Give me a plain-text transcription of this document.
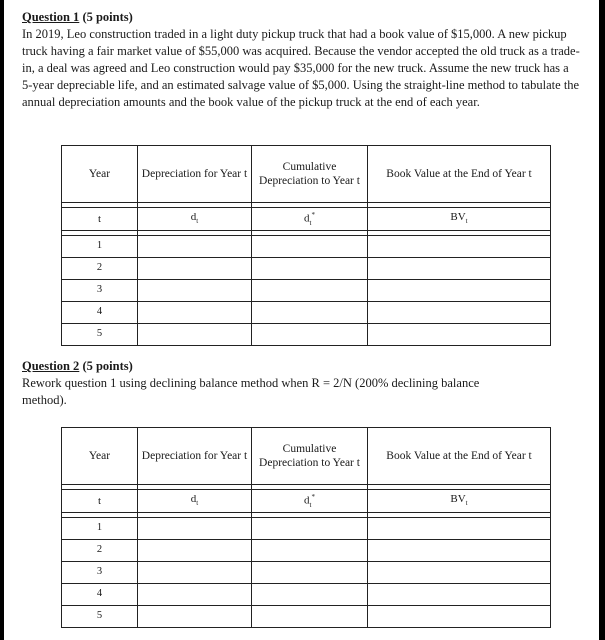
Question 1 (5 points)

In 2019, Leo construction traded in a light duty pickup truck that had a book value of $15,000. A new pickup truck having a fair market value of $55,000 was acquired. Because the vendor accepted the old truck as a trade-in, a deal was agreed and Leo construction would pay $35,000 for the new truck. Assume the new truck has a 5-year depreciable life, and an estimated salvage value of $5,000. Using the straight-line method to tabulate the annual depreciation amounts and the book value of the pickup truck at the end of each year.

Year	Depreciation for Year t	Cumulative Depreciation to Year t	Book Value at the End of Year t

t	$d_t$	$d_t^*$	$BV_t$

1			
2			
3			
4			
5			
Question 2 (5 points)

Rework question 1 using declining balance method when R = 2/N (200% declining balance method).

Year	Depreciation for Year t	Cumulative Depreciation to Year t	Book Value at the End of Year t

t	$d_t$	$d_t^*$	$BV_t$

1			
2			
3			
4			
5			
